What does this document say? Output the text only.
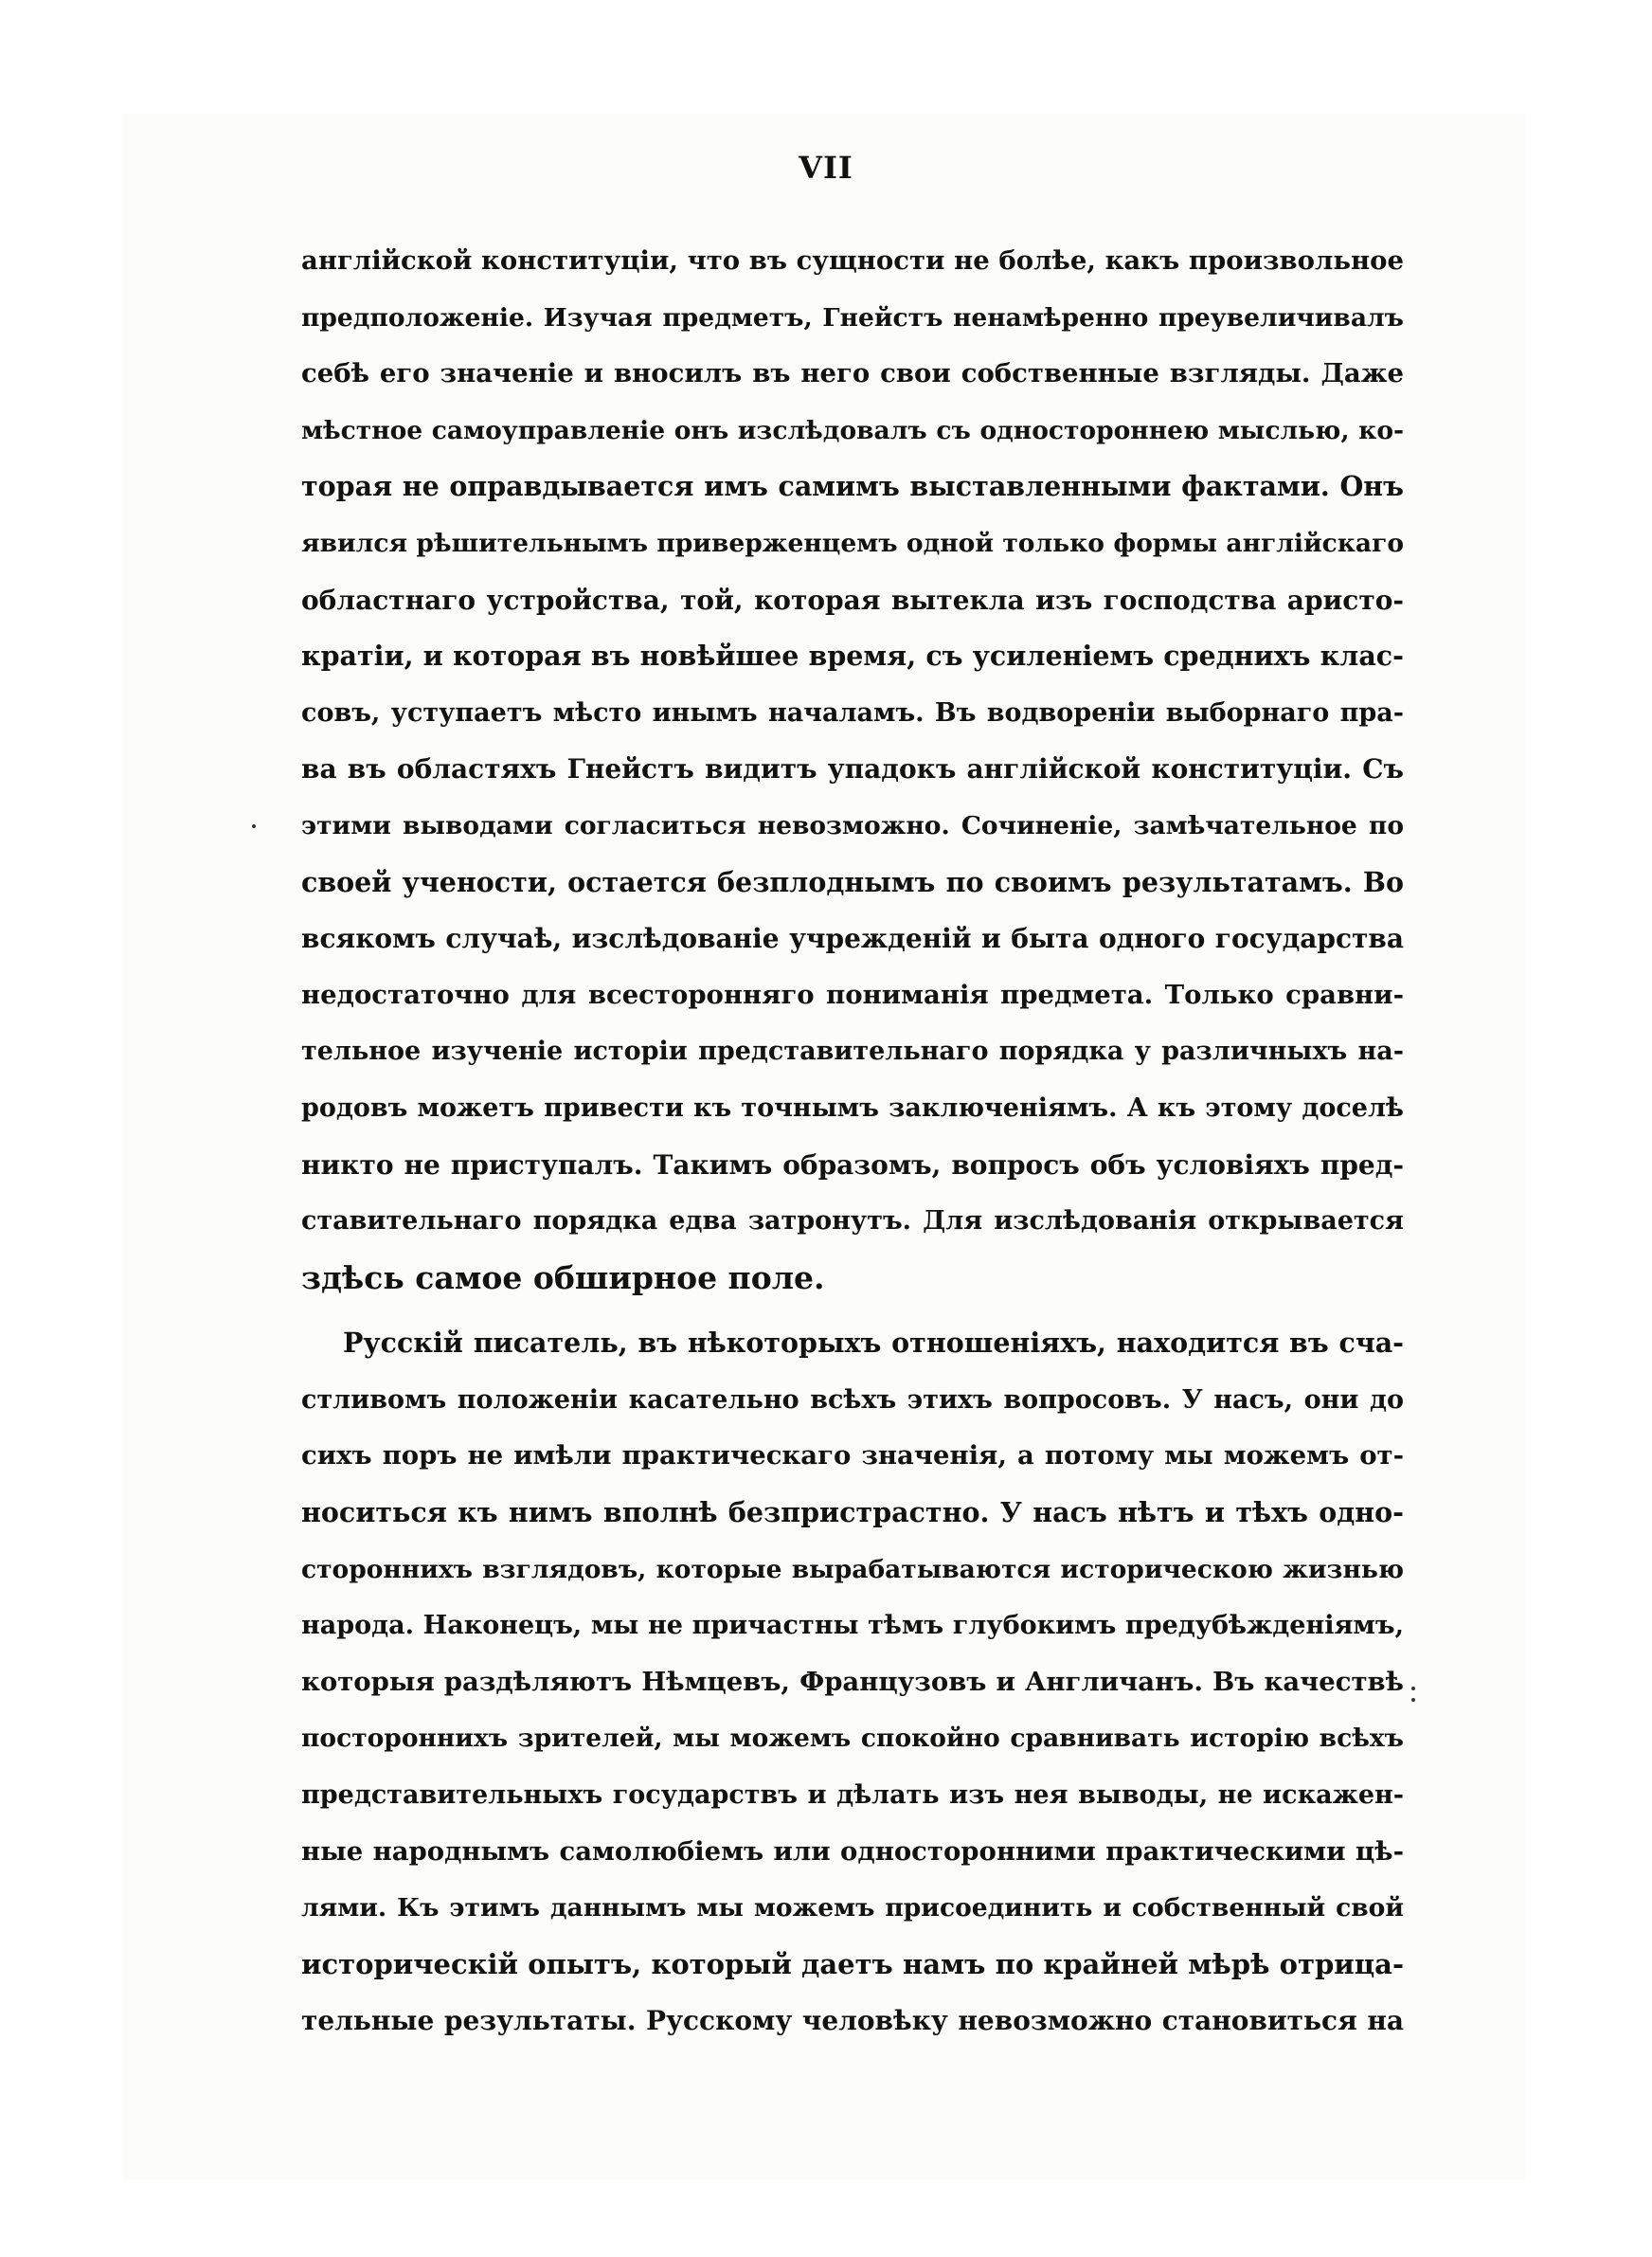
VII
англійской конституціи, что въ сущности не болѣе, какъ произвольное
предположеніе. Изучая предметъ, Гнейстъ ненамѣренно преувеличивалъ
себѣ его значеніе и вносилъ въ него свои собственные взгляды. Даже
мѣстное самоуправленіе онъ изслѣдовалъ съ одностороннею мыслью, ко-
торая не оправдывается имъ самимъ выставленными фактами. Онъ
явился рѣшительнымъ приверженцемъ одной только формы англійскаго
областнаго устройства, той, которая вытекла изъ господства аристо-
кратіи, и которая въ новѣйшее время, съ усиленіемъ среднихъ клас-
совъ, уступаетъ мѣсто инымъ началамъ. Въ водвореніи выборнаго пра-
ва въ областяхъ Гнейстъ видитъ упадокъ англійской конституціи. Съ
этими выводами согласиться невозможно. Сочиненіе, замѣчательное по
своей учености, остается безплоднымъ по своимъ результатамъ. Во
всякомъ случаѣ, изслѣдованіе учрежденій и быта одного государства
недостаточно для всесторонняго пониманія предмета. Только сравни-
тельное изученіе исторіи представительнаго порядка у различныхъ на-
родовъ можетъ привести къ точнымъ заключеніямъ. А къ этому доселѣ
никто не приступалъ. Такимъ образомъ, вопросъ объ условіяхъ пред-
ставительнаго порядка едва затронутъ. Для изслѣдованія открывается
здѣсь самое обширное поле.
Русскій писатель, въ нѣкоторыхъ отношеніяхъ, находится въ сча-
стливомъ положеніи касательно всѣхъ этихъ вопросовъ. У насъ, они до
сихъ поръ не имѣли практическаго значенія, а потому мы можемъ от-
носиться къ нимъ вполнѣ безпристрастно. У насъ нѣтъ и тѣхъ одно-
стороннихъ взглядовъ, которые вырабатываются историческою жизнью
народа. Наконецъ, мы не причастны тѣмъ глубокимъ предубѣжденіямъ,
которыя раздѣляютъ Нѣмцевъ, Французовъ и Англичанъ. Въ качествѣ
постороннихъ зрителей, мы можемъ спокойно сравнивать исторію всѣхъ
представительныхъ государствъ и дѣлать изъ нея выводы, не искажен-
ные народнымъ самолюбіемъ или односторонними практическими цѣ-
лями. Къ этимъ даннымъ мы можемъ присоединить и собственный свой
историческій опытъ, который даетъ намъ по крайней мѣрѣ отрица-
тельные результаты. Русскому человѣку невозможно становиться на
